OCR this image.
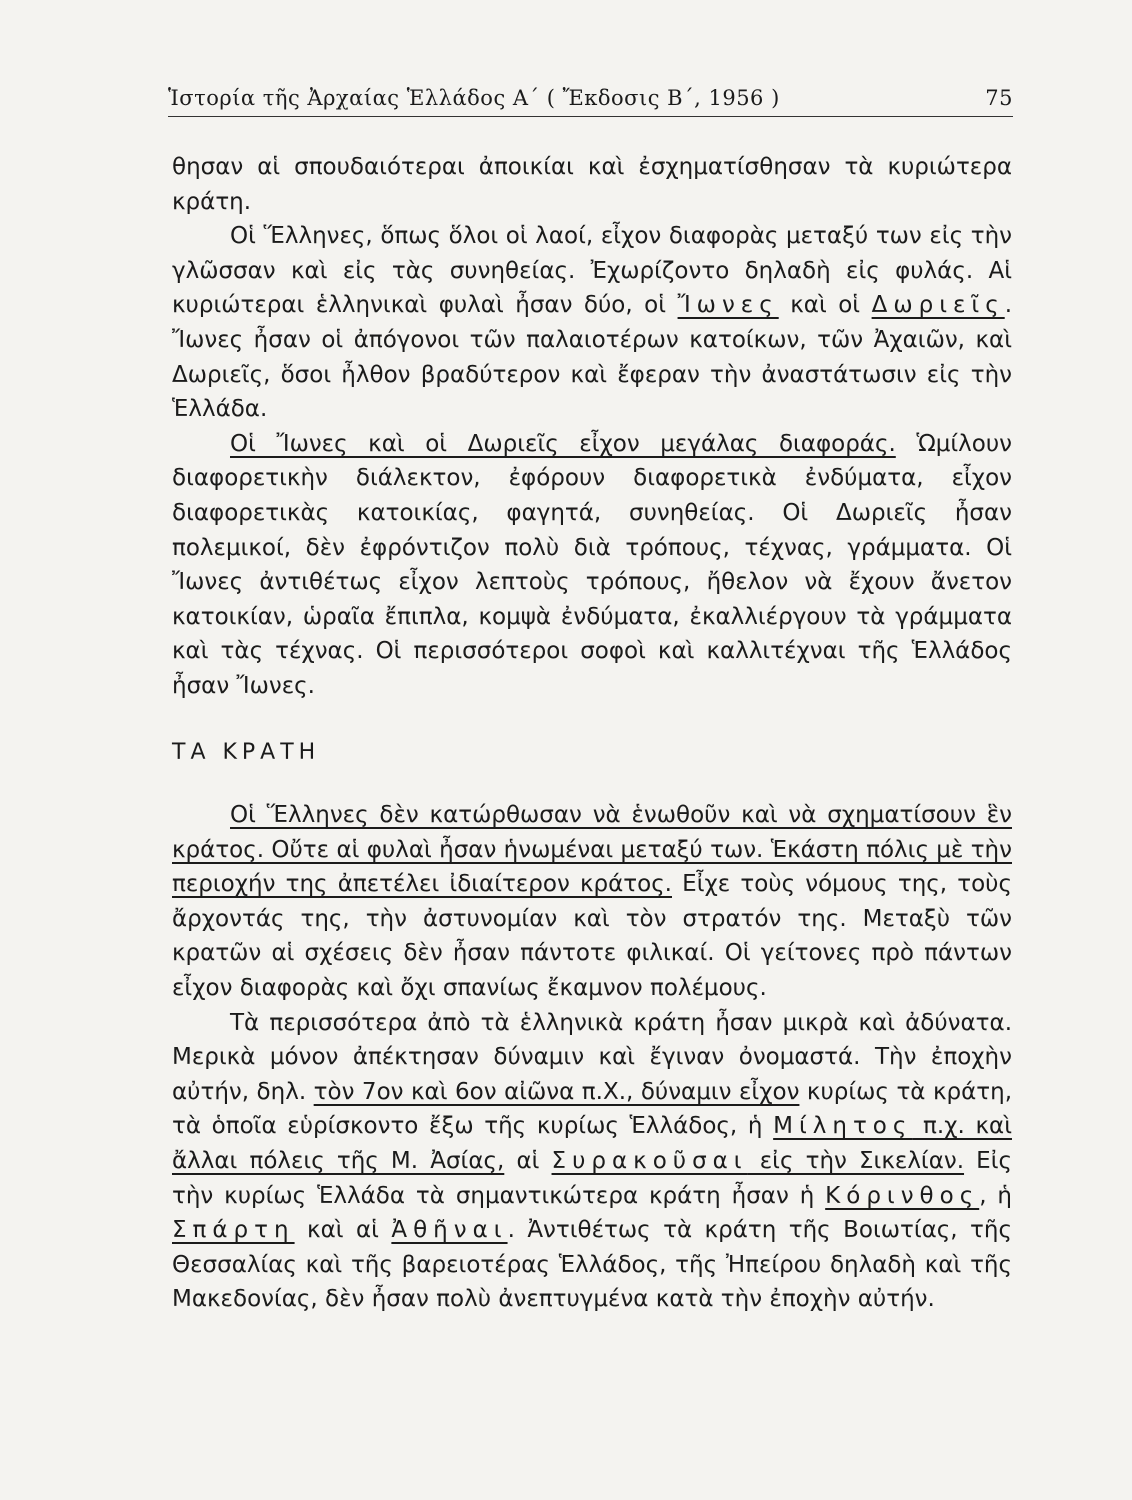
Ἱστορία τῆς Ἀρχαίας Ἑλλάδος Α΄ ( Ἔκδοσις Β΄, 1956 )	75

θησαν αἱ σπουδαιότεραι ἀποικίαι καὶ ἐσχηματίσθησαν τὰ κυριώτερα κράτη.

Οἱ Ἕλληνες, ὅπως ὅλοι οἱ λαοί, εἶχον διαφορὰς μεταξύ των εἰς τὴν γλῶσσαν καὶ εἰς τὰς συνηθείας. Ἐχωρίζοντο δηλαδὴ εἰς φυλάς. Αἱ κυριώτεραι ἑλληνικαὶ φυλαὶ ἦσαν δύο, οἱ Ἴωνες καὶ οἱ Δωριεῖς. Ἴωνες ἦσαν οἱ ἀπόγονοι τῶν παλαιοτέρων κατοίκων, τῶν Ἀχαιῶν, καὶ Δωριεῖς, ὅσοι ἦλθον βραδύτερον καὶ ἔφεραν τὴν ἀναστάτωσιν εἰς τὴν Ἑλλάδα.

Οἱ Ἴωνες καὶ οἱ Δωριεῖς εἶχον μεγάλας διαφοράς. Ὡμίλουν διαφορετικὴν διάλεκτον, ἐφόρουν διαφορετικὰ ἐνδύματα, εἶχον διαφορετικὰς κατοικίας, φαγητά, συνηθείας. Οἱ Δωριεῖς ἦσαν πολεμικοί, δὲν ἐφρόντιζον πολὺ διὰ τρόπους, τέχνας, γράμματα. Οἱ Ἴωνες ἀντιθέτως εἶχον λεπτοὺς τρόπους, ἤθελον νὰ ἔχουν ἄνετον κατοικίαν, ὡραῖα ἔπιπλα, κομψὰ ἐνδύματα, ἐκαλλιέργουν τὰ γράμματα καὶ τὰς τέχνας. Οἱ περισσότεροι σοφοὶ καὶ καλλιτέχναι τῆς Ἑλλάδος ἦσαν Ἴωνες.

ΤΑ ΚΡΑΤΗ

Οἱ Ἕλληνες δὲν κατώρθωσαν νὰ ἑνωθοῦν καὶ νὰ σχηματίσουν ἓν κράτος. Οὔτε αἱ φυλαὶ ἦσαν ἡνωμέναι μεταξύ των. Ἑκάστη πόλις μὲ τὴν περιοχήν της ἀπετέλει ἰδιαίτερον κράτος. Εἶχε τοὺς νόμους της, τοὺς ἄρχοντάς της, τὴν ἀστυνομίαν καὶ τὸν στρατόν της. Μεταξὺ τῶν κρατῶν αἱ σχέσεις δὲν ἦσαν πάντοτε φιλικαί. Οἱ γείτονες πρὸ πάντων εἶχον διαφορὰς καὶ ὄχι σπανίως ἔκαμνον πολέμους.

Τὰ περισσότερα ἀπὸ τὰ ἑλληνικὰ κράτη ἦσαν μικρὰ καὶ ἀδύνατα. Μερικὰ μόνον ἀπέκτησαν δύναμιν καὶ ἔγιναν ὀνομαστά. Τὴν ἐποχὴν αὐτήν, δηλ. τὸν 7ον καὶ 6ον αἰῶνα π.Χ., δύναμιν εἶχον κυρίως τὰ κράτη, τὰ ὁποῖα εὑρίσκοντο ἔξω τῆς κυρίως Ἑλλάδος, ἡ Μίλητος π.χ. καὶ ἄλλαι πόλεις τῆς Μ. Ἀσίας, αἱ Συρακοῦσαι εἰς τὴν Σικελίαν. Εἰς τὴν κυρίως Ἑλλάδα τὰ σημαντικώτερα κράτη ἦσαν ἡ Κόρινθος, ἡ Σπάρτη καὶ αἱ Ἀθῆναι. Ἀντιθέτως τὰ κράτη τῆς Βοιωτίας, τῆς Θεσσαλίας καὶ τῆς βαρειοτέρας Ἑλλάδος, τῆς Ἠπείρου δηλαδὴ καὶ τῆς Μακεδονίας, δὲν ἦσαν πολὺ ἀνεπτυγμένα κατὰ τὴν ἐποχὴν αὐτήν.
